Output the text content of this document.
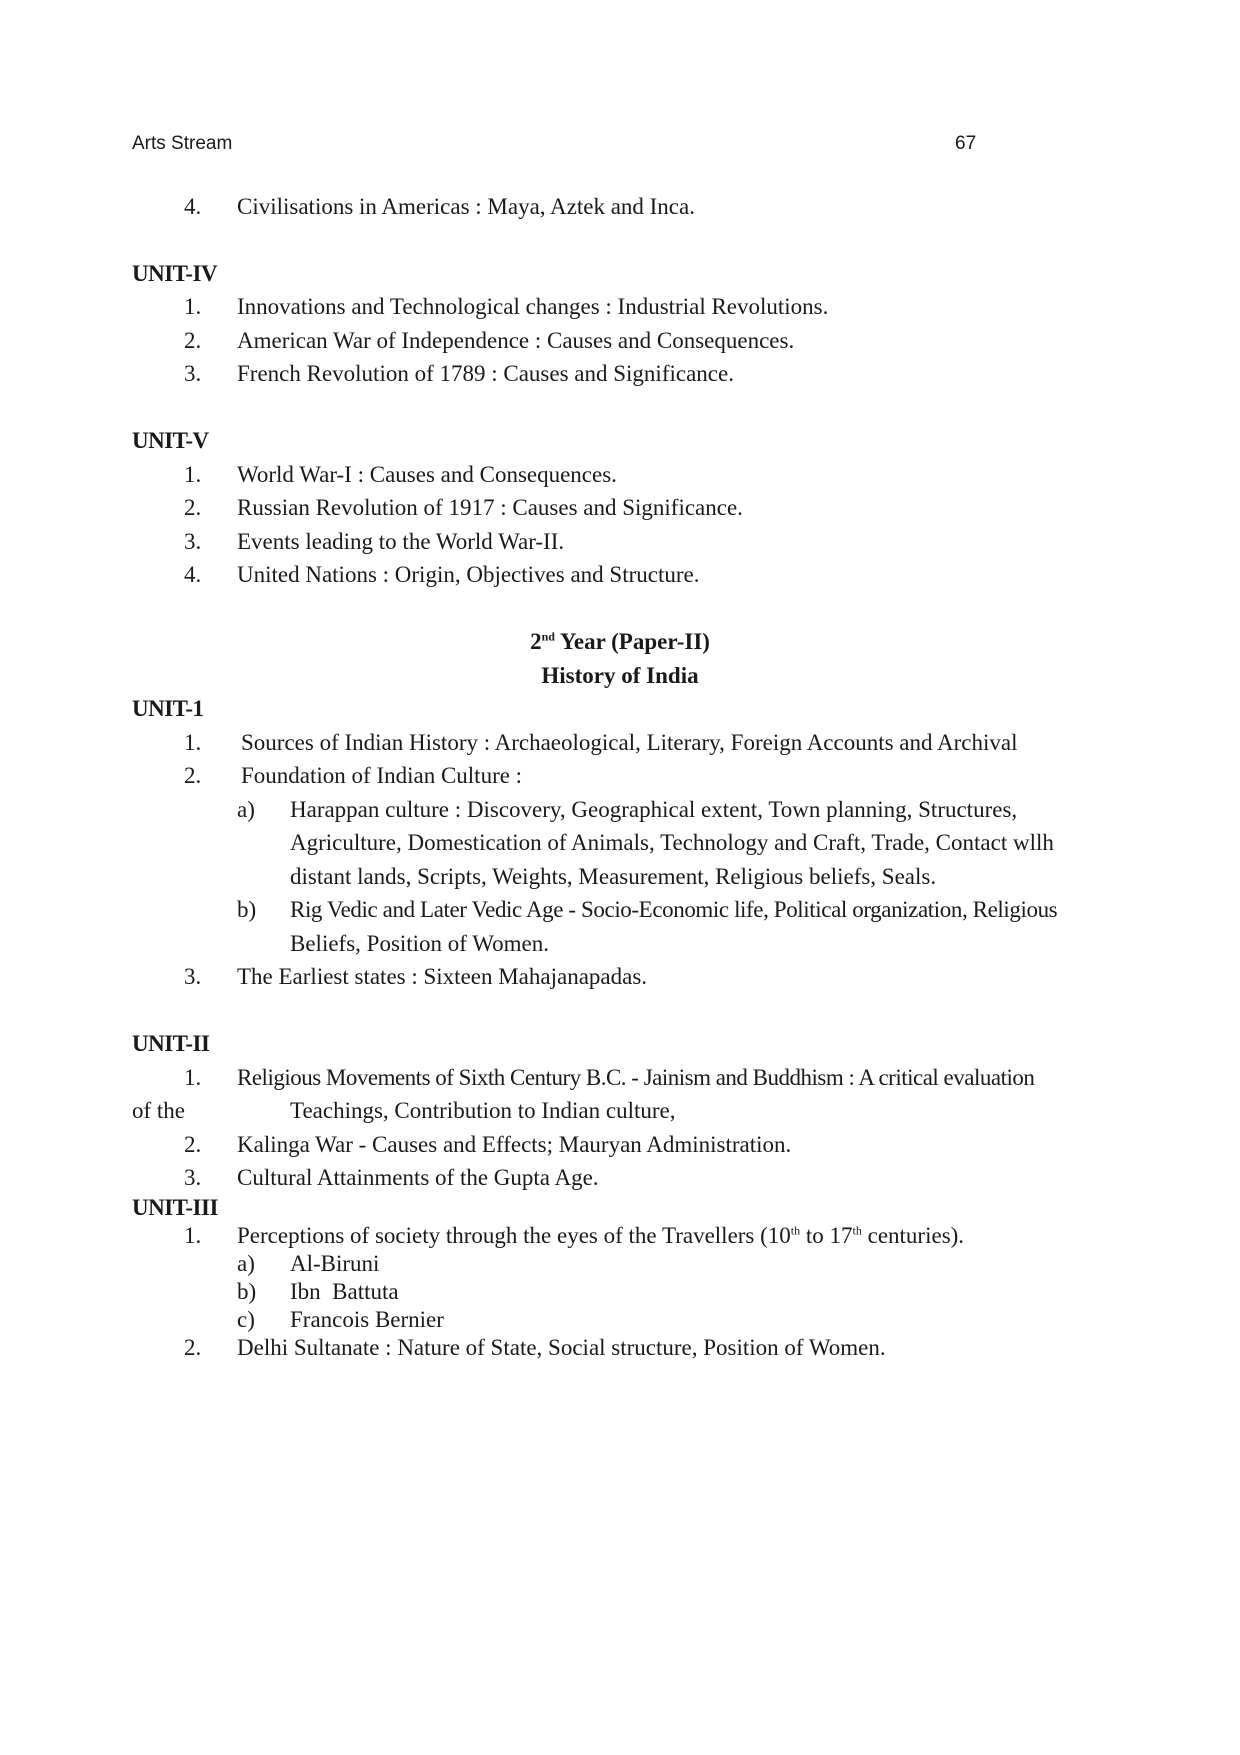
Arts Stream	67
4. Civilisations in Americas : Maya, Aztek and Inca.
UNIT-IV
1. Innovations and Technological changes : Industrial Revolutions.
2. American War of Independence : Causes and Consequences.
3. French Revolution of 1789 : Causes and Significance.
UNIT-V
1. World War-I : Causes and Consequences.
2. Russian Revolution of 1917 : Causes and Significance.
3. Events leading to the World War-II.
4. United Nations : Origin, Objectives and Structure.
2nd Year (Paper-II)
History of India
UNIT-1
1. Sources of Indian History : Archaeological, Literary, Foreign Accounts and Archival
2. Foundation of Indian Culture :
a) Harappan culture : Discovery, Geographical extent, Town planning, Structures,
Agriculture, Domestication of Animals, Technology and Craft, Trade, Contact wllh
distant lands, Scripts, Weights, Measurement, Religious beliefs, Seals.
b) Rig Vedic and Later Vedic Age - Socio-Economic life, Political organization, Religious
Beliefs, Position of Women.
3. The Earliest states : Sixteen Mahajanapadas.
UNIT-II
1. Religious Movements of Sixth Century B.C. - Jainism and Buddhism : A critical evaluation
of the	Teachings, Contribution to Indian culture,
2. Kalinga War - Causes and Effects; Mauryan Administration.
3. Cultural Attainments of the Gupta Age.
UNIT-III
1. Perceptions of society through the eyes of the Travellers (10th to 17th centuries).
a) Al-Biruni
b) Ibn  Battuta
c) Francois Bernier
2. Delhi Sultanate : Nature of State, Social structure, Position of Women.
